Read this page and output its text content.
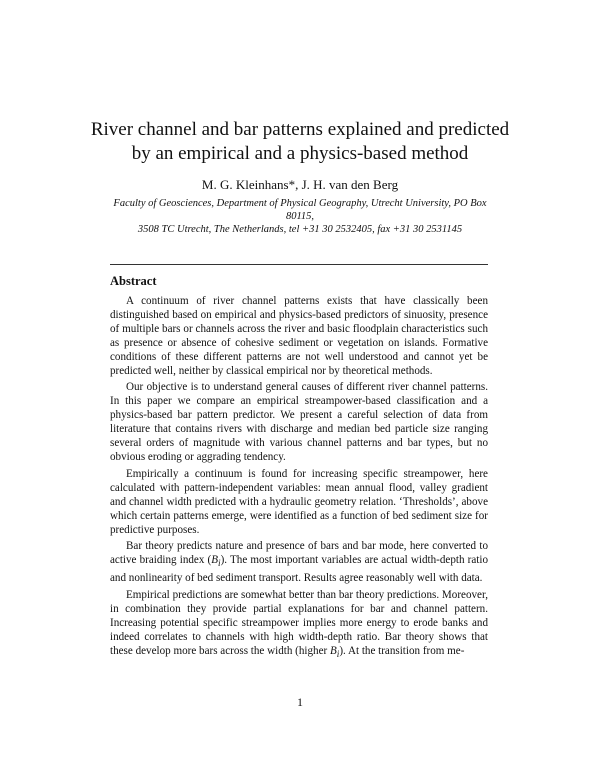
River channel and bar patterns explained and predicted
by an empirical and a physics-based method
M. G. Kleinhans*, J. H. van den Berg
Faculty of Geosciences, Department of Physical Geography, Utrecht University, PO Box 80115,
3508 TC Utrecht, The Netherlands, tel +31 30 2532405, fax +31 30 2531145
Abstract

A continuum of river channel patterns exists that have classically been distinguished based on empirical and physics-based predictors of sinuosity, presence of multiple bars or channels across the river and basic floodplain characteristics such as presence or absence of cohesive sediment or vegetation on islands. Formative conditions of these different patterns are not well understood and cannot yet be predicted well, neither by classical empirical nor by theoretical methods.

Our objective is to understand general causes of different river channel patterns. In this paper we compare an empirical streampower-based classification and a physics-based bar pattern predictor. We present a careful selection of data from literature that contains rivers with discharge and median bed particle size ranging several orders of magnitude with various channel patterns and bar types, but no obvious eroding or aggrading tendency.

Empirically a continuum is found for increasing specific streampower, here calculated with pattern-independent variables: mean annual flood, valley gradient and channel width predicted with a hydraulic geometry relation. ‘Thresholds’, above which certain patterns emerge, were identified as a function of bed sediment size for predictive purposes.

Bar theory predicts nature and presence of bars and bar mode, here converted to active braiding index $(B_i)$. The most important variables are actual width-depth ratio and nonlinearity of bed sediment transport. Results agree reasonably well with data.

Empirical predictions are somewhat better than bar theory predictions. Moreover, in combination they provide partial explanations for bar and channel pattern. Increasing potential specific streampower implies more energy to erode banks and indeed correlates to channels with high width-depth ratio. Bar theory shows that these develop more bars across the width (higher $B_i$). At the transition from me-

1
